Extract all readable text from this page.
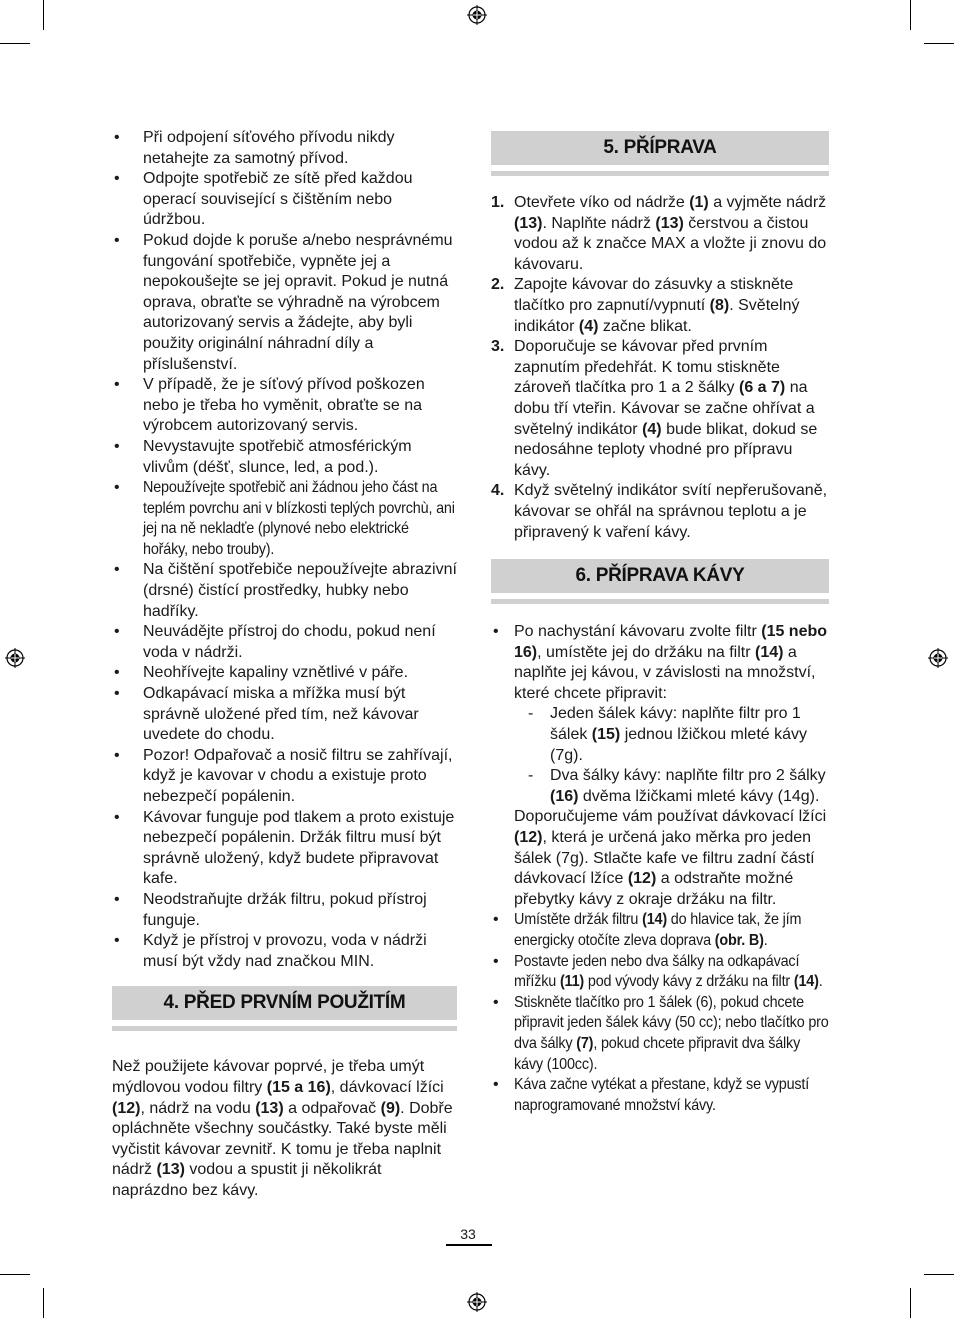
• Při odpojení síťového přívodu nikdy netahejte za samotný přívod.
• Odpojte spotřebič ze sítě před každou operací související s čištěním nebo údržbou.
• Pokud dojde k poruše a/nebo nesprávnému fungování spotřebiče, vypněte jej a nepokoušejte se jej opravit. Pokud je nutná oprava, obraťte se výhradně na výrobcem autorizovaný servis a žádejte, aby byli použity originální náhradní díly a příslušenství.
• V případě, že je síťový přívod poškozen nebo je třeba ho vyměnit, obraťte se na výrobcem autorizovaný servis.
• Nevystavujte spotřebič atmosférickým vlivům (déšť, slunce, led, a pod.).
• Nepoužívejte spotřebič ani žádnou jeho část na teplém povrchu ani v blízkosti teplých povrchù, ani jej na ně nekladťe (plynové nebo elektrické hořáky, nebo trouby).
• Na čištění spotřebiče nepoužívejte abrazivní (drsné) čistící prostředky, hubky nebo hadříky.
• Neuvádějte přístroj do chodu, pokud není voda v nádrži.
• Neohřívejte kapaliny vznětlivé v páře.
• Odkapávací miska a mřížka musí být správně uložené před tím, než kávovar uvedete do chodu.
• Pozor! Odpařovač a nosič filtru se zahřívají, když je kavovar v chodu a existuje proto nebezpečí popálenin.
• Kávovar funguje pod tlakem a proto existuje nebezpečí popálenin. Držák filtru musí být správně uložený, když budete připravovat kafe.
• Neodstraňujte držák filtru, pokud přístroj funguje.
• Když je přístroj v provozu, voda v nádrži musí být vždy nad značkou MIN.
4. PŘED PRVNÍM POUŽITÍM

Než použijete kávovar poprvé, je třeba umýt mýdlovou vodou filtry (15 a 16), dávkovací lžíci (12), nádrž na vodu (13) a odpařovač (9). Dobře opláchněte všechny součástky. Také byste měli vyčistit kávovar zevnitř. K tomu je třeba naplnit nádrž (13) vodou a spustit ji několikrát naprázdno bez kávy.

5. PŘÍPRAVA
1. Otevřete víko od nádrže (1) a vyjměte nádrž (13). Naplňte nádrž (13) čerstvou a čistou vodou až k značce MAX a vložte ji znovu do kávovaru.
2. Zapojte kávovar do zásuvky a stiskněte tlačítko pro zapnutí/vypnutí (8). Světelný indikátor (4) začne blikat.
3. Doporučuje se kávovar před prvním zapnutím předehřát. K tomu stiskněte zároveň tlačítka pro 1 a 2 šálky (6 a 7) na dobu tří vteřin. Kávovar se začne ohřívat a světelný indikátor (4) bude blikat, dokud se nedosáhne teploty vhodné pro přípravu kávy.
4. Když světelný indikátor svítí nepřerušovaně, kávovar se ohřál na správnou teplotu a je připravený k vaření kávy.
6. PŘÍPRAVA KÁVY
• Po nachystání kávovaru zvolte filtr (15 nebo 16), umístěte jej do držáku na filtr (14) a naplňte jej kávou, v závislosti na množství, které chcete připravit:
- Jeden šálek kávy: naplňte filtr pro 1 šálek (15) jednou lžičkou mleté kávy (7g).
- Dva šálky kávy: naplňte filtr pro 2 šálky (16) dvěma lžičkami mleté kávy (14g).

Doporučujeme vám používat dávkovací lžíci (12), která je určená jako měrka pro jeden šálek (7g). Stlačte kafe ve filtru zadní částí dávkovací lžíce (12) a odstraňte možné přebytky kávy z okraje držáku na filtr.

• Umístěte držák filtru (14) do hlavice tak, že jím energicky otočíte zleva doprava (obr. B).
• Postavte jeden nebo dva šálky na odkapávací mřížku (11) pod vývody kávy z držáku na filtr (14).
• Stiskněte tlačítko pro 1 šálek (6), pokud chcete připravit jeden šálek kávy (50 cc); nebo tlačítko pro dva šálky (7), pokud chcete připravit dva šálky kávy (100cc).
• Káva začne vytékat a přestane, když se vypustí naprogramované množství kávy.
33
